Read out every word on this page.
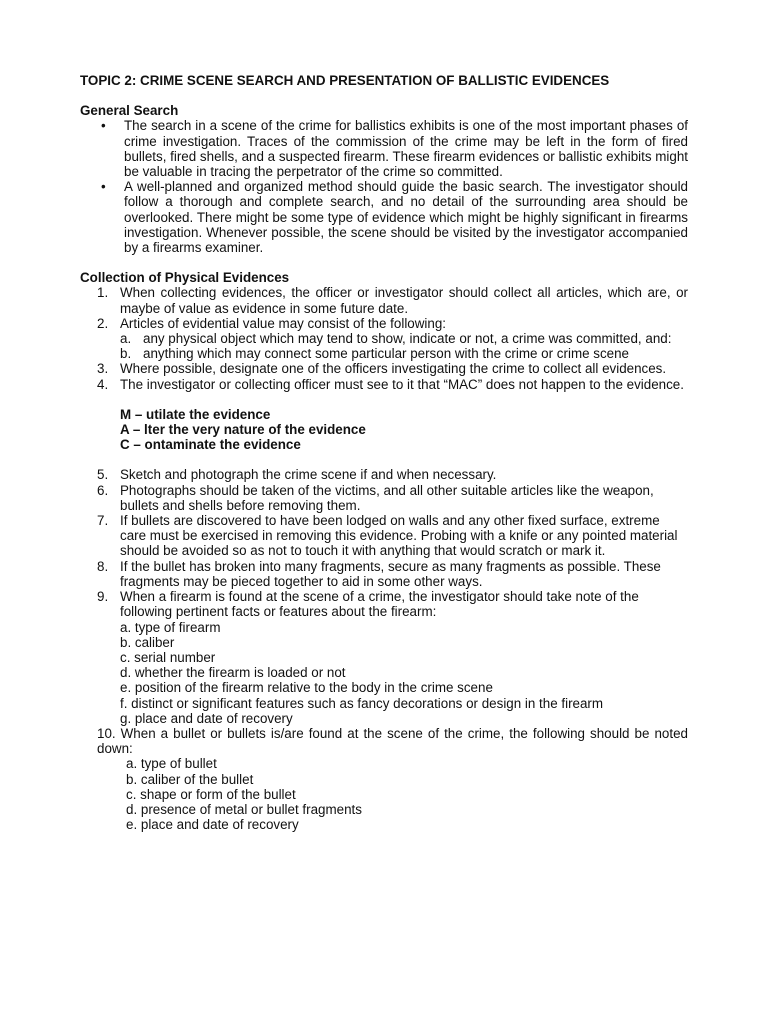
TOPIC 2: CRIME SCENE SEARCH AND PRESENTATION OF BALLISTIC EVIDENCES
General Search
• The search in a scene of the crime for ballistics exhibits is one of the most important phases of crime investigation. Traces of the commission of the crime may be left in the form of fired bullets, fired shells, and a suspected firearm. These firearm evidences or ballistic exhibits might be valuable in tracing the perpetrator of the crime so committed.
• A well-planned and organized method should guide the basic search. The investigator should follow a thorough and complete search, and no detail of the surrounding area should be overlooked. There might be some type of evidence which might be highly significant in firearms investigation. Whenever possible, the scene should be visited by the investigator accompanied by a firearms examiner.
Collection of Physical Evidences
1. When collecting evidences, the officer or investigator should collect all articles, which are, or maybe of value as evidence in some future date.
2. Articles of evidential value may consist of the following:
a. any physical object which may tend to show, indicate or not, a crime was committed, and:
b. anything which may connect some particular person with the crime or crime scene
3. Where possible, designate one of the officers investigating the crime to collect all evidences.
4. The investigator or collecting officer must see to it that “MAC” does not happen to the evidence.
M – utilate the evidence
A – lter the very nature of the evidence
C – ontaminate the evidence
5. Sketch and photograph the crime scene if and when necessary.
6. Photographs should be taken of the victims, and all other suitable articles like the weapon, bullets and shells before removing them.
7. If bullets are discovered to have been lodged on walls and any other fixed surface, extreme care must be exercised in removing this evidence. Probing with a knife or any pointed material should be avoided so as not to touch it with anything that would scratch or mark it.
8. If the bullet has broken into many fragments, secure as many fragments as possible. These fragments may be pieced together to aid in some other ways.
9. When a firearm is found at the scene of a crime, the investigator should take note of the following pertinent facts or features about the firearm:
a. type of firearm
b. caliber
c. serial number
d. whether the firearm is loaded or not
e. position of the firearm relative to the body in the crime scene
f. distinct or significant features such as fancy decorations or design in the firearm
g. place and date of recovery
10. When a bullet or bullets is/are found at the scene of the crime, the following should be noted down:
a. type of bullet
b. caliber of the bullet
c. shape or form of the bullet
d. presence of metal or bullet fragments
e. place and date of recovery
